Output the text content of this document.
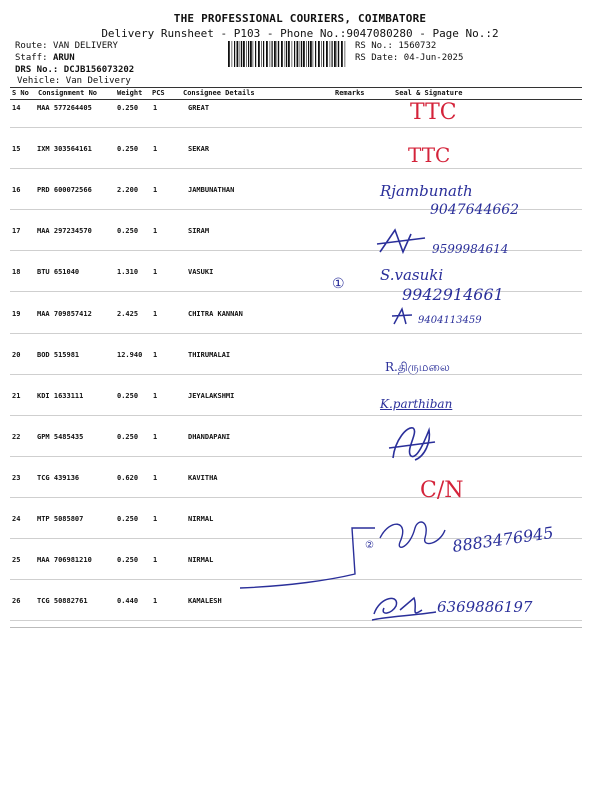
THE PROFESSIONAL COURIERS, COIMBATORE
Delivery Runsheet - P103 - Phone No.:9047080280 - Page No.:2
Route: VAN DELIVERY
Staff: ARUN
DRS No.: DCJB156073202
Vehicle: Van Delivery
RS No.: 1560732
RS Date: 04-Jun-2025
S No Consignment No	Weight PCS	Consignee Details	Remarks	Seal & Signature
14 MAA 577264405	0.250 1	GREAT
15 IXM 303564161	0.250 1	SEKAR
16 PRD 600072566	2.200 1	JAMBUNATHAN
17 MAA 297234570	0.250 1	SIRAM
18 BTU 651040	1.310 1	VASUKI
19 MAA 709857412	2.425 1	CHITRA KANNAN
20 BOD 515981	12.940 1	THIRUMALAI
21 KDI 1633111	0.250 1	JEYALAKSHMI
22 GPM 5485435	0.250 1	DHANDAPANI
23 TCG 439136	0.620 1	KAVITHA
24 MTP 5085807	0.250 1	NIRMAL
25 MAA 706981210	0.250 1	NIRMAL
26 TCG 50882761	0.440 1	KAMALESH
TTC
TTC
Rjambunath
9047644662
9599984614
① S.vasuki
9942914661
9404113459
R.திருமலை
K.parthiban
C/N
②	8883476945
6369886197
